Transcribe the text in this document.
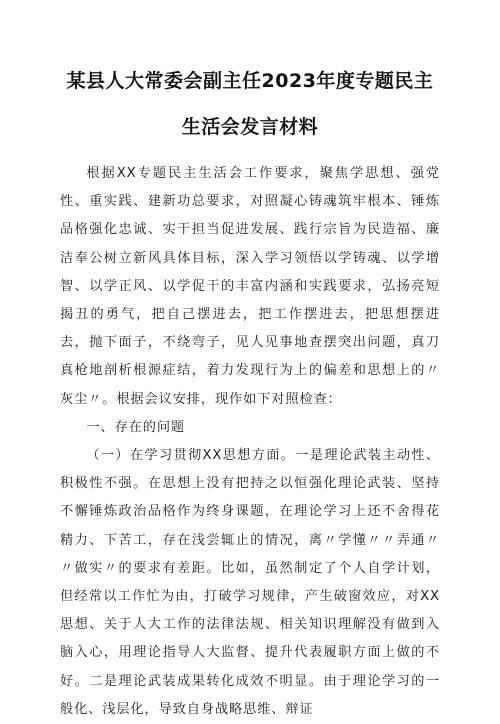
某县人大常委会副主任2023年度专题民主
生活会发言材料

根据XX专题民主生活会工作要求，聚焦学思想、强党性、重实践、建新功总要求，对照凝心铸魂筑牢根本、锤炼品格强化忠诚、实干担当促进发展、践行宗旨为民造福、廉洁奉公树立新风具体目标，深入学习领悟以学铸魂、以学增智、以学正风、以学促干的丰富内涵和实践要求，弘扬亮短揭丑的勇气，把自己摆进去，把工作摆进去，把思想摆进去，抛下面子，不绕弯子，见人见事地查摆突出问题，真刀真枪地剖析根源症结，着力发现行为上的偏差和思想上的〃灰尘〃。根据会议安排，现作如下对照检查：

一、存在的问题

（一）在学习贯彻XX思想方面。一是理论武装主动性、积极性不强。在思想上没有把持之以恒强化理论武装、坚持不懈锤炼政治品格作为终身课题，在理论学习上还不舍得花精力、下苦工，存在浅尝辄止的情况，离〃学懂〃〃弄通〃〃做实〃的要求有差距。比如，虽然制定了个人自学计划，但经常以工作忙为由，打破学习规律，产生破窗效应，对XX思想、关于人大工作的法律法规、相关知识理解没有做到入脑入心，用理论指导人大监督、提升代表履职方面上做的不好。二是理论武装成果转化成效不明显。由于理论学习的一般化、浅层化，导致自身战略思维、辩证
